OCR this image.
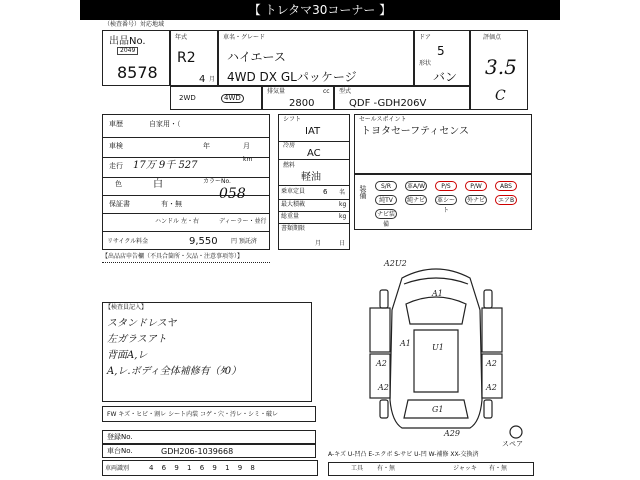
【 トレタマ30コーナー 】
（検査番号）対応地域
出品No.
2049
8578
年式
R2
4 月
車名・グレード
ハイエース
4WD DX GLパッケージ
ドア
5
形状
バン
評価点
3.5
C
2WD	4WD
排気量	cc
2800
型式
QDF -GDH206V
車歴	自家用・（
車検	年	月
走行 17万 9千 527
km
色	白	カラーNo.
058
保証書	有・無
ハンドル 左・右	ディーラー・並行
リサイクル料金	9,550 円 預託済
シフト
IAT
冷房
AC
燃料
軽油
乗車定員	6 名
最大積載	kg
総重量	kg
書類期限
月	日
セールスポイント
トヨタセーフティセンス
装備	S/R	革A/W	P/S	P/W	ABS
純TV	純ナビ	革シート
外ナビ	エアB
ナビ装備
【出品店申告欄（不具合箇所・欠品・注意事項等）】
【検査員記入】
スタンドレスヤ
左ガラスアト
背面A,レ
A,レ.ボディ全体補修有（ﾀ0）
A1
A1
A2	A2
U1
A2
G1
A2
A29
A2U2
スペア
FW キズ・ヒビ・割レ シート内装 コゲ・穴・汚レ・シミ・破レ
登録No.
車台No.	GDH206-1039668
車両識別	4 6 9 1 6 9 1 9 8
A-キズ U-凹凸 E-エクボ S-サビ U-凹 W-補修 XX-交換済
工具 有・無	ジャッキ 有・無
